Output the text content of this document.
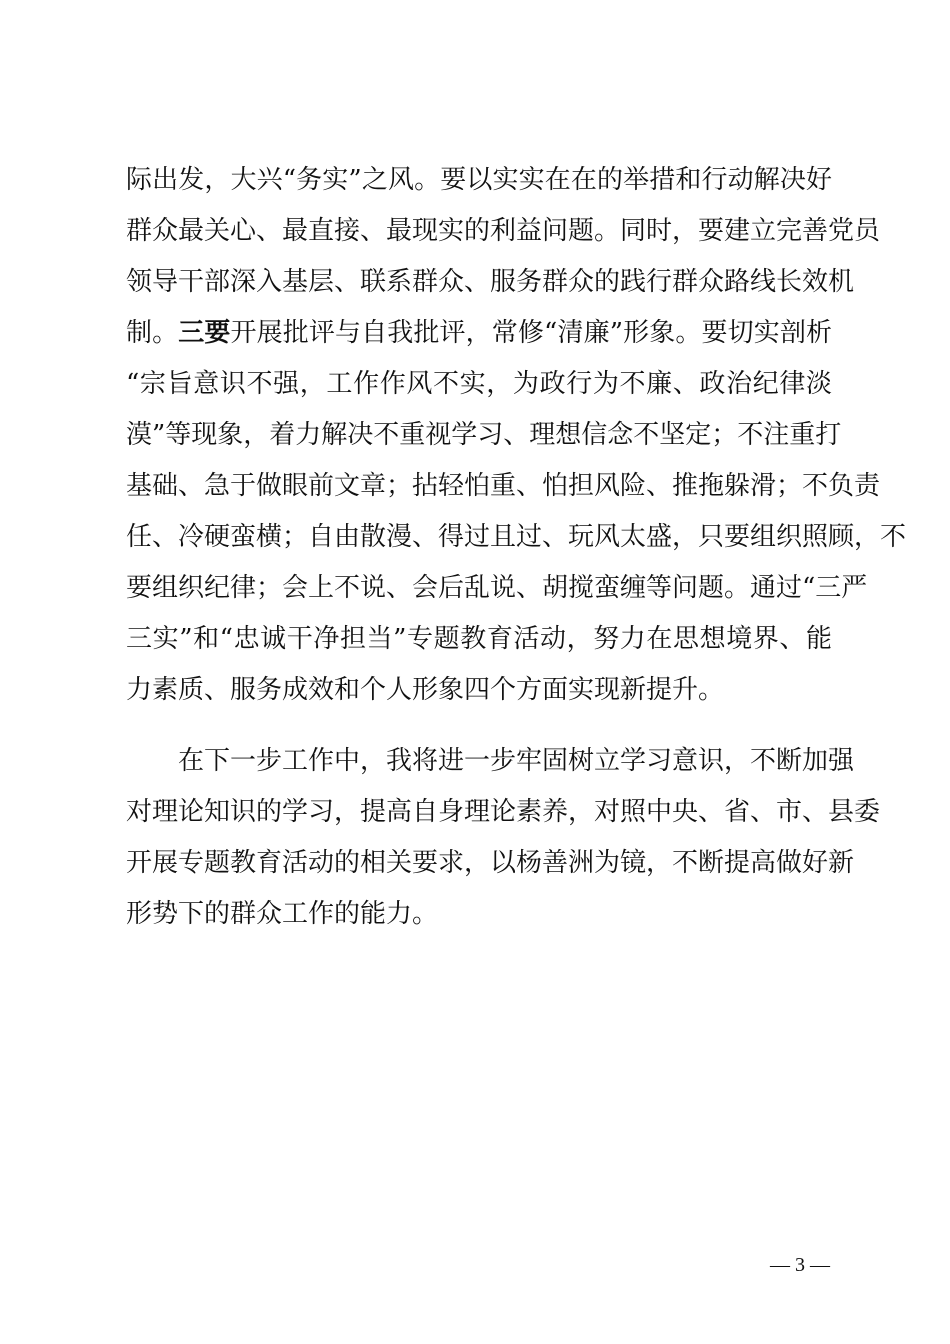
际出发，大兴“务实”之风。要以实实在在的举措和行动解决好
群众最关心、最直接、最现实的利益问题。同时，要建立完善党员
领导干部深入基层、联系群众、服务群众的践行群众路线长效机
制。三要开展批评与自我批评，常修“清廉”形象。要切实剖析
“宗旨意识不强，工作作风不实，为政行为不廉、政治纪律淡
漠”等现象，着力解决不重视学习、理想信念不坚定；不注重打
基础、急于做眼前文章；拈轻怕重、怕担风险、推拖躲滑；不负责
任、冷硬蛮横；自由散漫、得过且过、玩风太盛，只要组织照顾，不
要组织纪律；会上不说、会后乱说、胡搅蛮缠等问题。通过“三严
三实”和“忠诚干净担当”专题教育活动，努力在思想境界、能
力素质、服务成效和个人形象四个方面实现新提升。
在下一步工作中，我将进一步牢固树立学习意识，不断加强
对理论知识的学习，提高自身理论素养，对照中央、省、市、县委
开展专题教育活动的相关要求，以杨善洲为镜，不断提高做好新
形势下的群众工作的能力。
— 3 —
